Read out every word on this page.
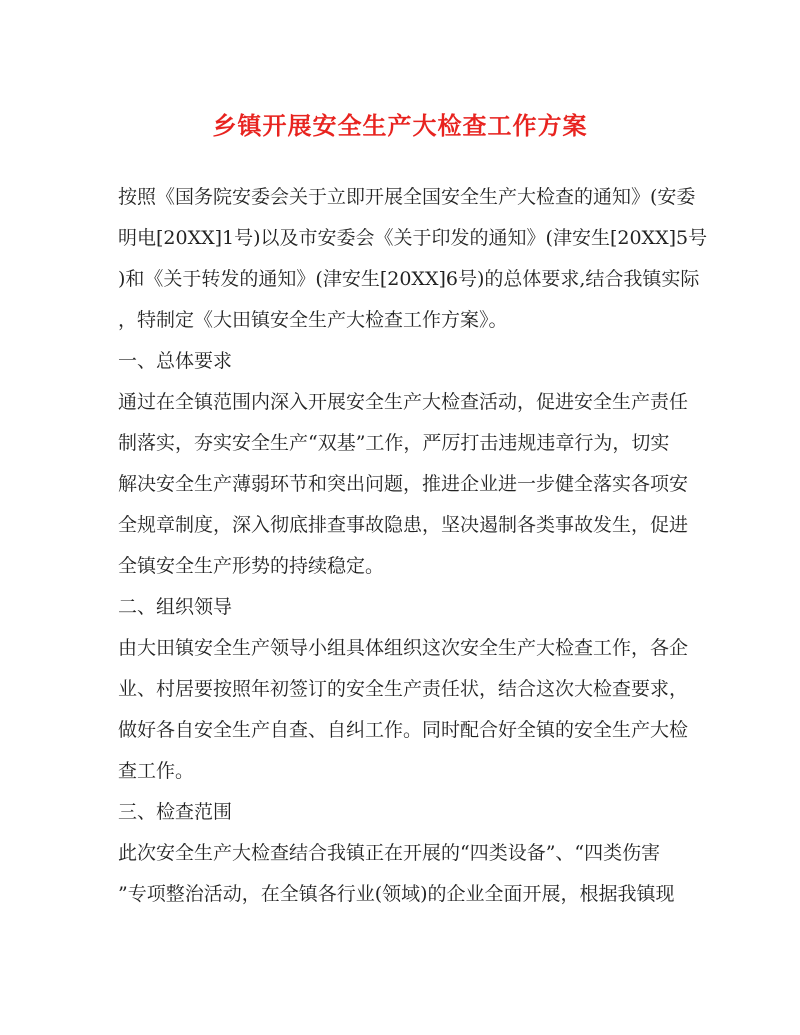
乡镇开展安全生产大检查工作方案
按照《国务院安委会关于立即开展全国安全生产大检查的通知》(安委
明电[20XX]1号)以及市安委会《关于印发的通知》(津安生[20XX]5号
)和《关于转发的通知》(津安生[20XX]6号)的总体要求,结合我镇实际
，特制定《大田镇安全生产大检查工作方案》。
一、总体要求
通过在全镇范围内深入开展安全生产大检查活动，促进安全生产责任
制落实，夯实安全生产“双基”工作，严厉打击违规违章行为，切实
解决安全生产薄弱环节和突出问题，推进企业进一步健全落实各项安
全规章制度，深入彻底排查事故隐患，坚决遏制各类事故发生，促进
全镇安全生产形势的持续稳定。
二、组织领导
由大田镇安全生产领导小组具体组织这次安全生产大检查工作，各企
业、村居要按照年初签订的安全生产责任状，结合这次大检查要求，
做好各自安全生产自查、自纠工作。同时配合好全镇的安全生产大检
查工作。
三、检查范围
此次安全生产大检查结合我镇正在开展的“四类设备”、“四类伤害
”专项整治活动，在全镇各行业(领域)的企业全面开展，根据我镇现
